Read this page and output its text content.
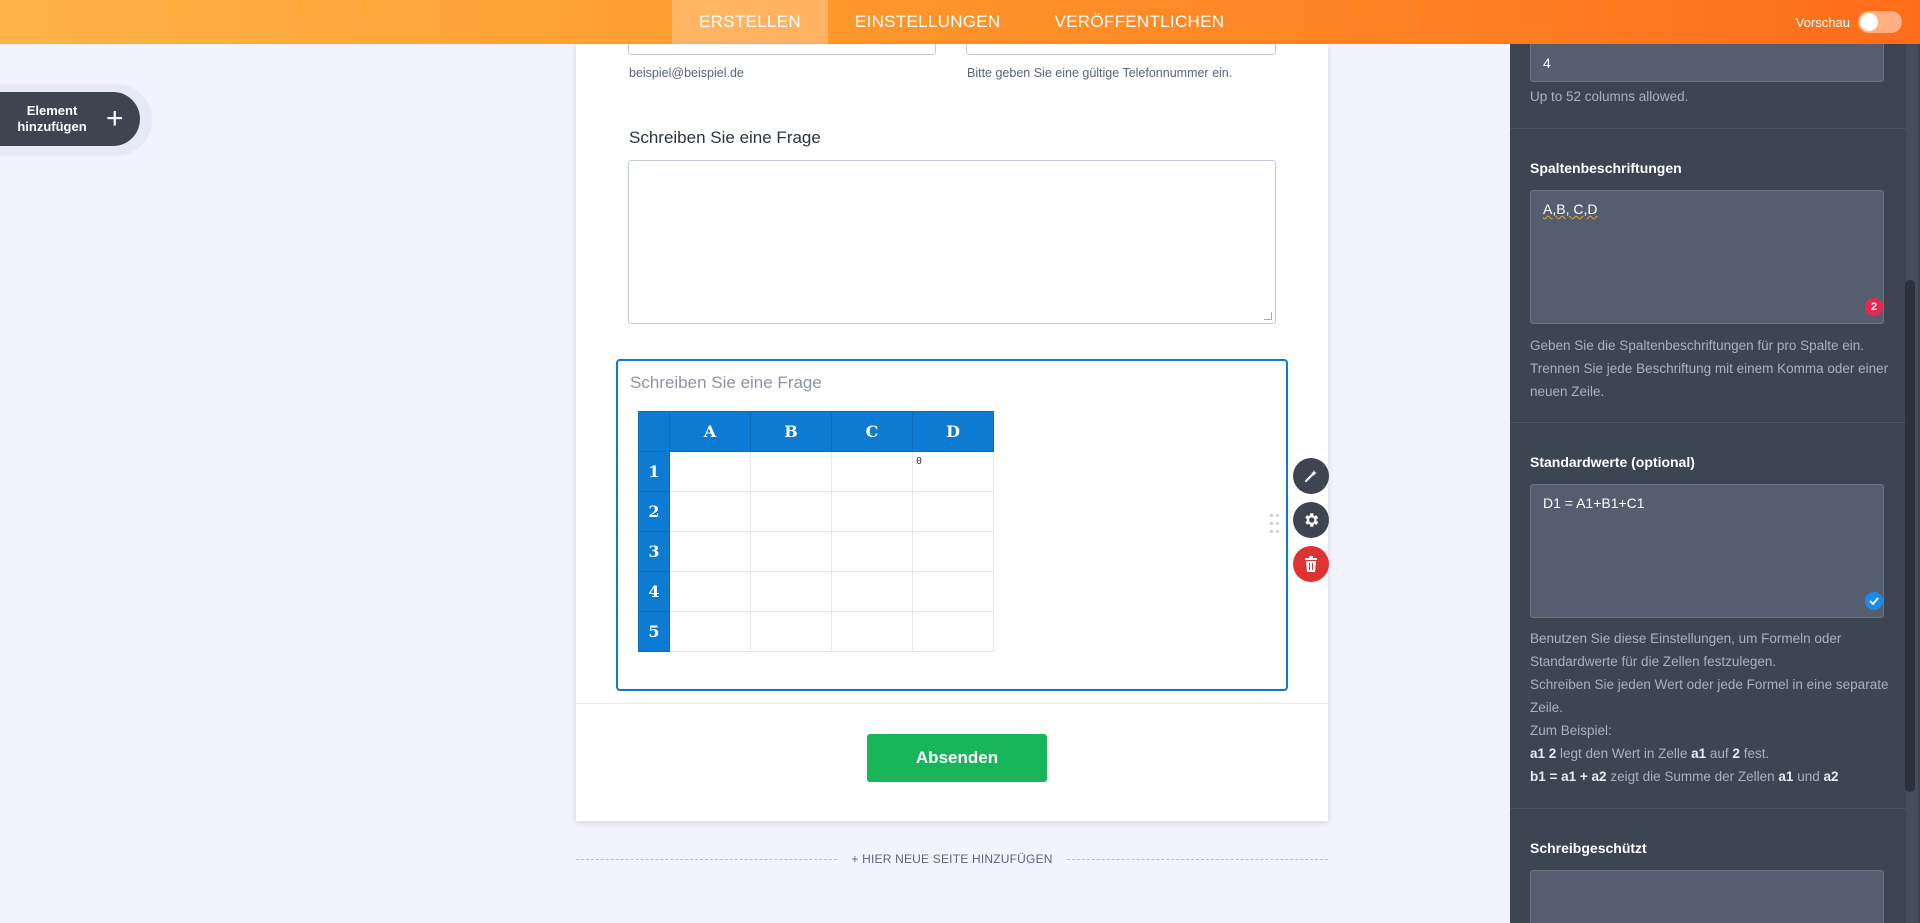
ERSTELLEN	EINSTELLUNGEN	VERÖFFENTLICHEN	Vorschau
Element
hinzufügen +
beispiel@beispiel.de	Bitte geben Sie eine gültige Telefonnummer ein.
Schreiben Sie eine Frage
Schreiben Sie eine Frage
	A	B	C	D
1				0
2				
3				
4				
5				
Absenden
+ HIER NEUE SEITE HINZUFÜGEN
4
Up to 52 columns allowed.
Spaltenbeschriftungen
A,B, C,D
2
Geben Sie die Spaltenbeschriftungen für pro Spalte ein. Trennen Sie jede Beschriftung mit einem Komma oder einer neuen Zeile.
Standardwerte (optional)
D1 = A1+B1+C1
Benutzen Sie diese Einstellungen, um Formeln oder Standardwerte für die Zellen festzulegen.
Schreiben Sie jeden Wert oder jede Formel in eine separate Zeile.
Zum Beispiel:
a1 2 legt den Wert in Zelle a1 auf 2 fest.
b1 = a1 + a2 zeigt die Summe der Zellen a1 und a2
Schreibgeschützt
